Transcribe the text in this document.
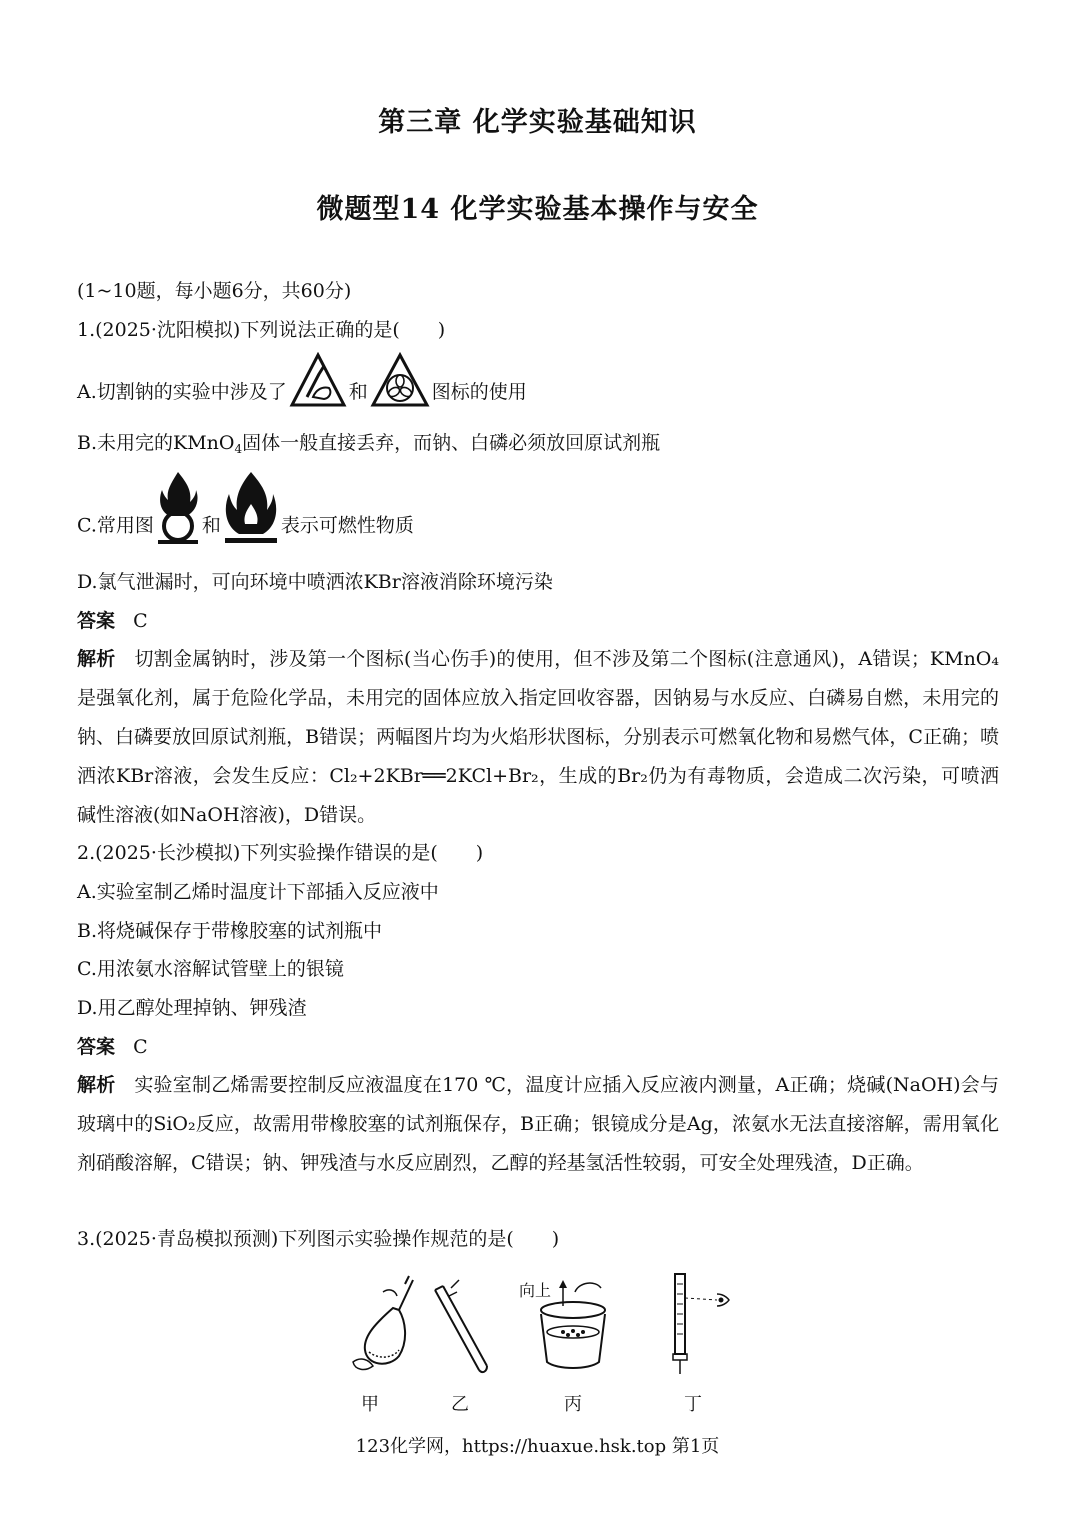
第三章 化学实验基础知识
微题型14 化学实验基本操作与安全
(1~10题，每小题6分，共60分)
1.(2025·沈阳模拟)下列说法正确的是(　　)
A.切割钠的实验中涉及了	和	图标的使用
B.未用完的KMnO$_4$固体一般直接丢弃，而钠、白磷必须放回原试剂瓶
C.常用图	和	表示可燃性物质
D.氯气泄漏时，可向环境中喷洒浓KBr溶液消除环境污染
答案 C
解析 切割金属钠时，涉及第一个图标(当心伤手)的使用，但不涉及第二个图标(注意通风)，A错误；KMnO₄是强氧化剂，属于危险化学品，未用完的固体应放入指定回收容器，因钠易与水反应、白磷易自燃，未用完的钠、白磷要放回原试剂瓶，B错误；两幅图片均为火焰形状图标，分别表示可燃氧化物和易燃气体，C正确；喷洒浓KBr溶液，会发生反应：Cl₂+2KBr══2KCl+Br₂，生成的Br₂仍为有毒物质，会造成二次污染，可喷洒碱性溶液(如NaOH溶液)，D错误。
2.(2025·长沙模拟)下列实验操作错误的是(　　)
A.实验室制乙烯时温度计下部插入反应液中
B.将烧碱保存于带橡胶塞的试剂瓶中
C.用浓氨水溶解试管壁上的银镜
D.用乙醇处理掉钠、钾残渣
答案 C
解析 实验室制乙烯需要控制反应液温度在170 ℃，温度计应插入反应液内测量，A正确；烧碱(NaOH)会与玻璃中的SiO₂反应，故需用带橡胶塞的试剂瓶保存，B正确；银镜成分是Ag，浓氨水无法直接溶解，需用氧化剂硝酸溶解，C错误；钠、钾残渣与水反应剧烈，乙醇的羟基氢活性较弱，可安全处理残渣，D正确。
3.(2025·青岛模拟预测)下列图示实验操作规范的是(　　)
向上
甲	乙	丙	丁
123化学网，https://huaxue.hsk.top 第1页
